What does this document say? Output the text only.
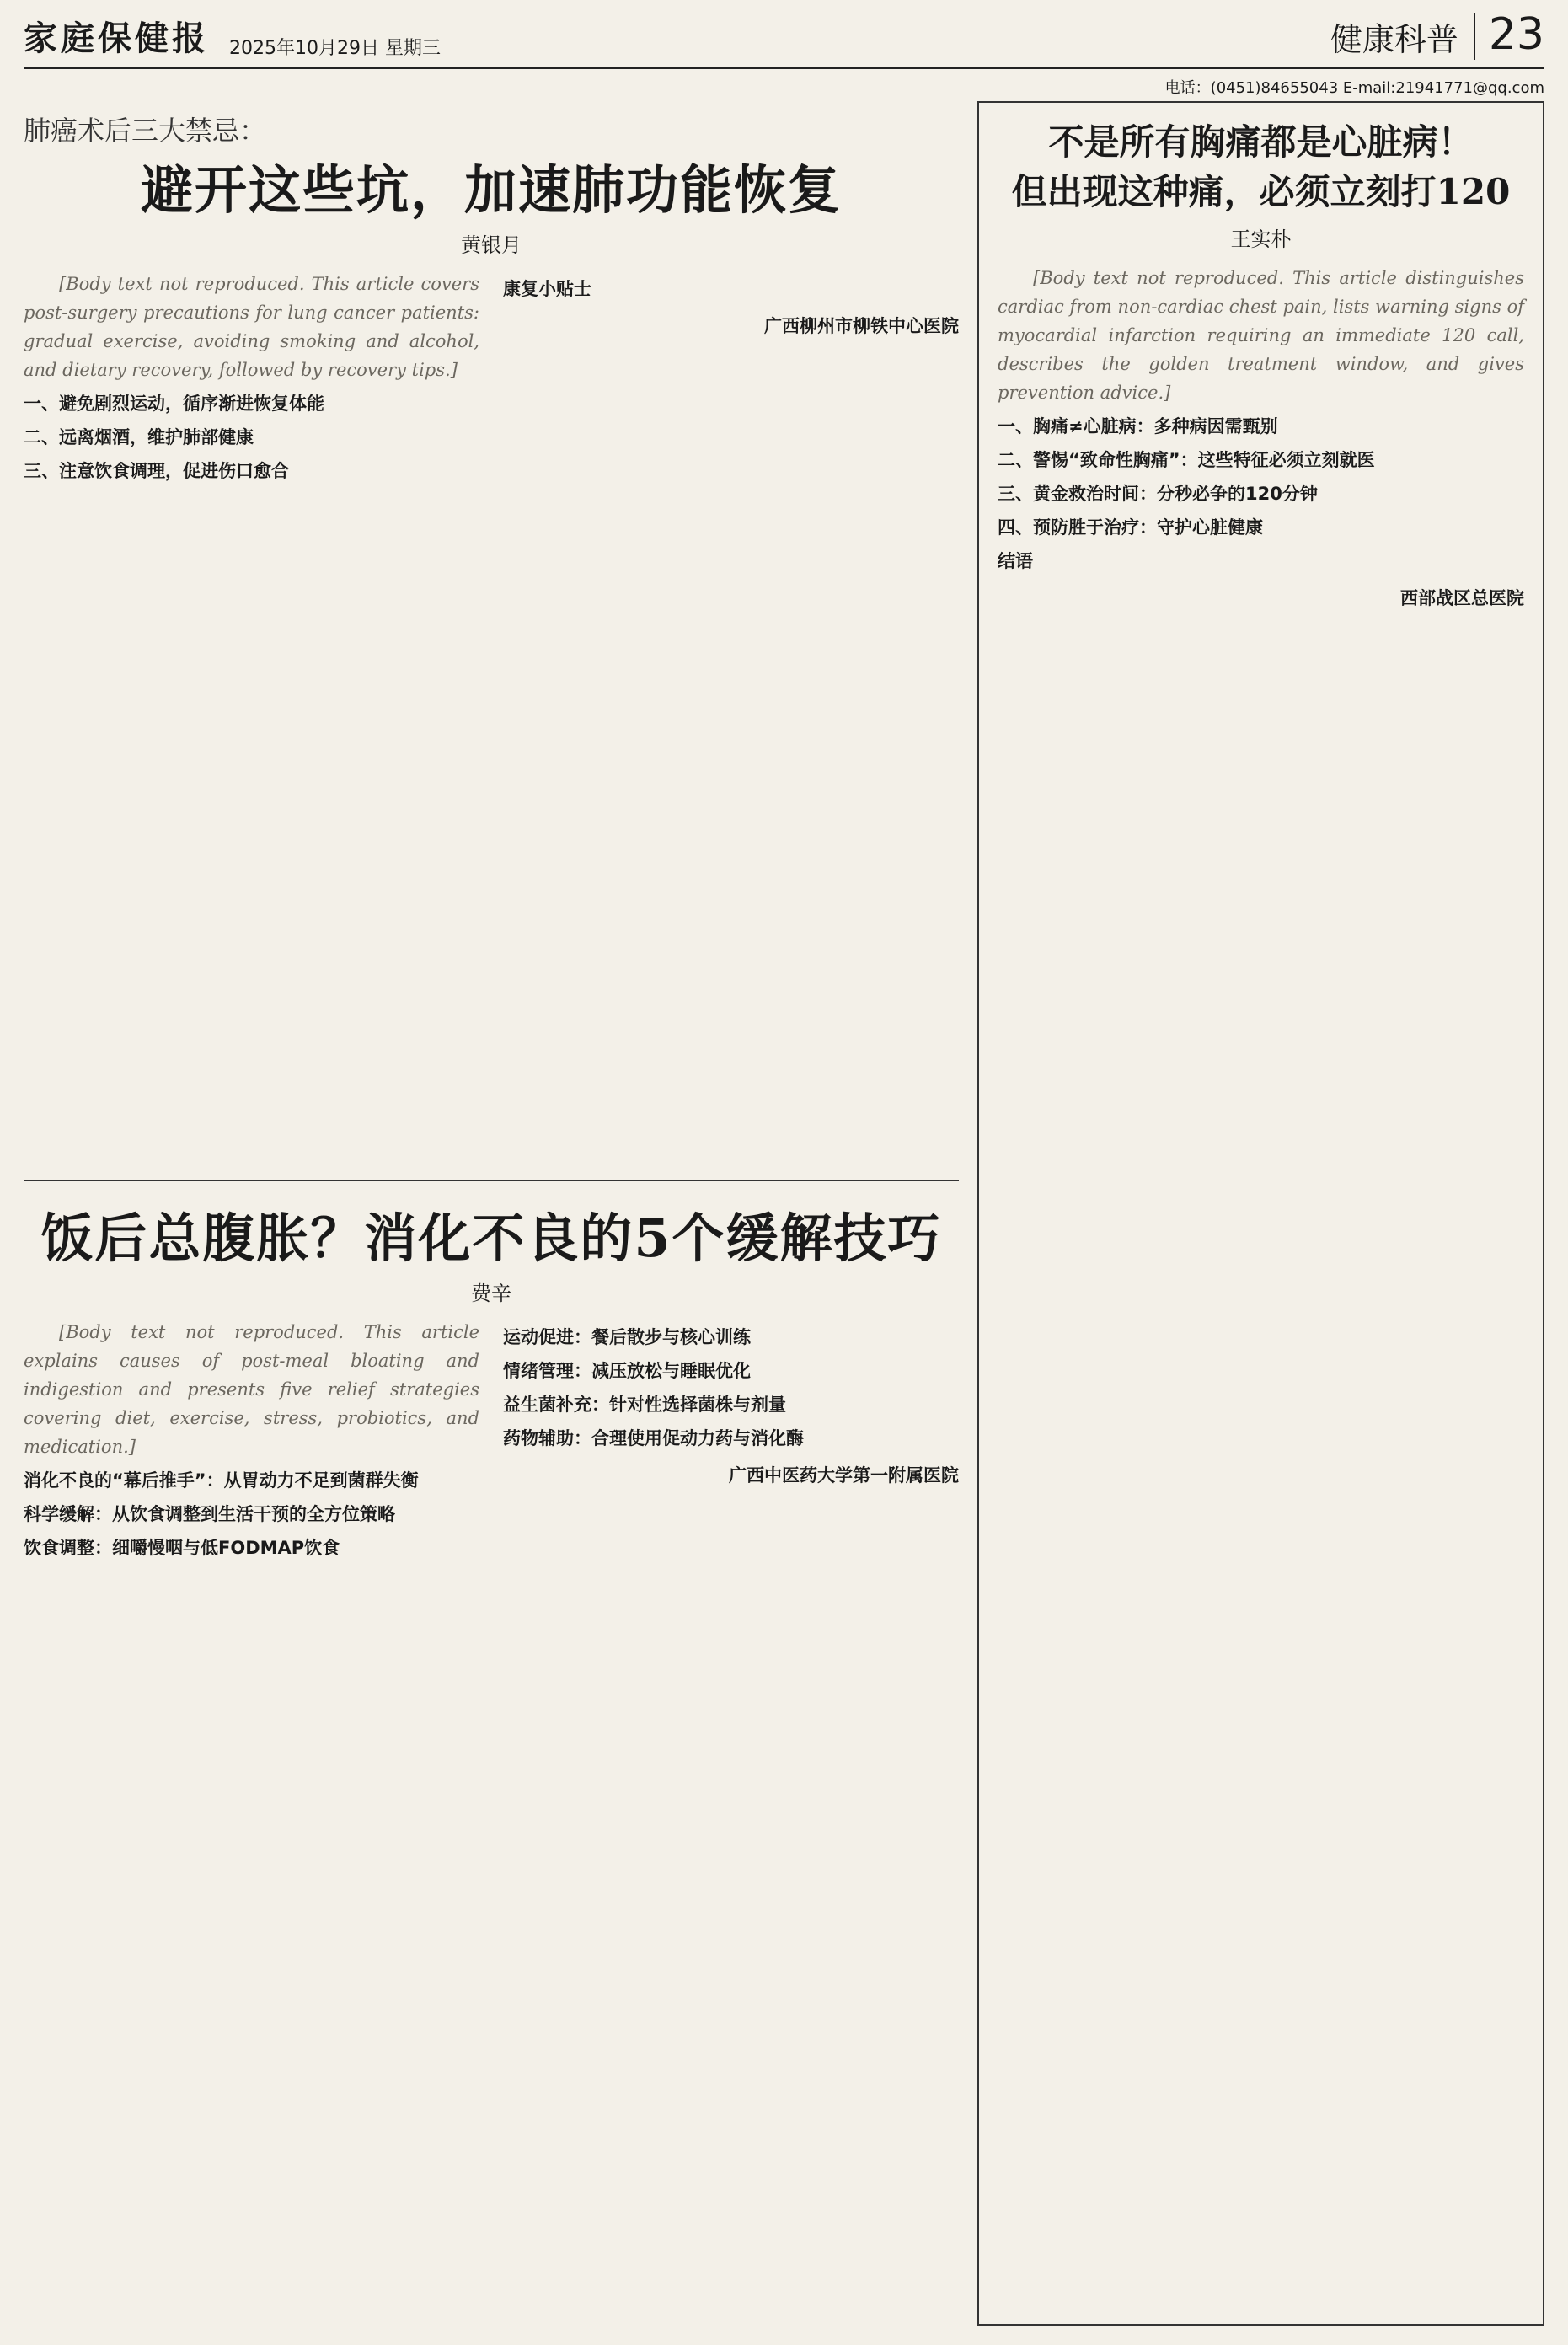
家庭保健报 2025年10月29日 星期三	健康科普 23
电话：(0451)84655043 E-mail:21941771@qq.com
肺癌术后三大禁忌：
避开这些坑，加速肺功能恢复
黄银月

[Body text not reproduced. This article covers post-surgery precautions for lung cancer patients: gradual exercise, avoiding smoking and alcohol, and dietary recovery, followed by recovery tips.]

一、避免剧烈运动，循序渐进恢复体能
二、远离烟酒，维护肺部健康
三、注意饮食调理，促进伤口愈合
康复小贴士
广西柳州市柳铁中心医院
饭后总腹胀？消化不良的5个缓解技巧
费辛

[Body text not reproduced. This article explains causes of post-meal bloating and indigestion and presents five relief strategies covering diet, exercise, stress, probiotics, and medication.]

消化不良的“幕后推手”：从胃动力不足到菌群失衡
科学缓解：从饮食调整到生活干预的全方位策略
饮食调整：细嚼慢咽与低FODMAP饮食
运动促进：餐后散步与核心训练
情绪管理：减压放松与睡眠优化
益生菌补充：针对性选择菌株与剂量
药物辅助：合理使用促动力药与消化酶
广西中医药大学第一附属医院
不是所有胸痛都是心脏病！
但出现这种痛，必须立刻打120
王实朴

[Body text not reproduced. This article distinguishes cardiac from non-cardiac chest pain, lists warning signs of myocardial infarction requiring an immediate 120 call, describes the golden treatment window, and gives prevention advice.]

一、胸痛≠心脏病：多种病因需甄别
二、警惕“致命性胸痛”：这些特征必须立刻就医
三、黄金救治时间：分秒必争的120分钟
四、预防胜于治疗：守护心脏健康
结语
西部战区总医院
